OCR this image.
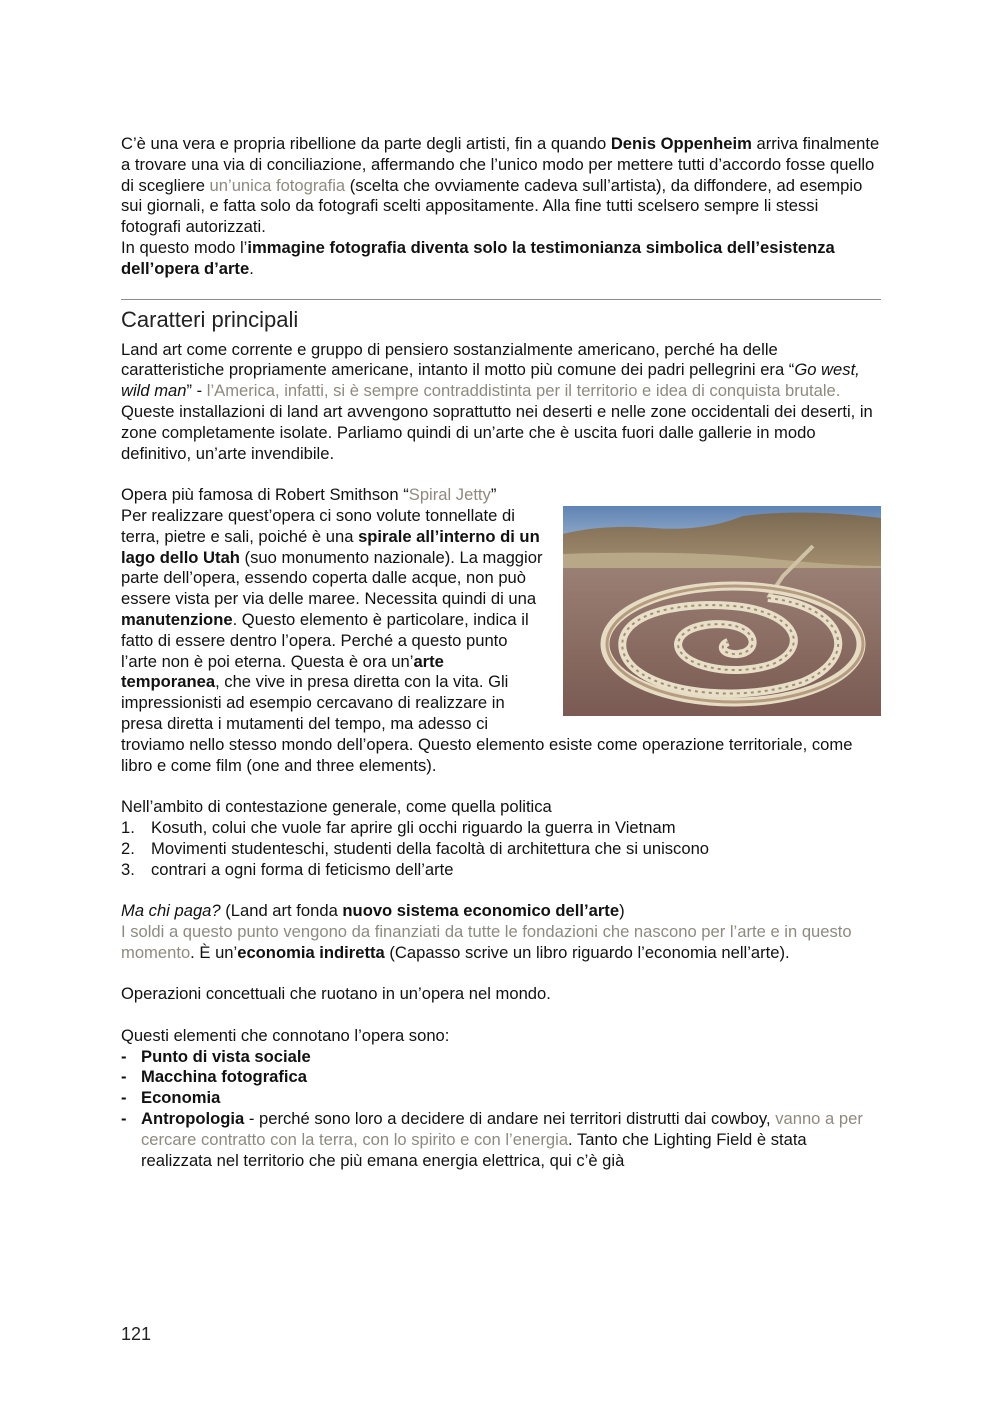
C’è una vera e propria ribellione da parte degli artisti, fin a quando Denis Oppenheim arriva finalmente a trovare una via di conciliazione, affermando che l’unico modo per mettere tutti d’accordo fosse quello di scegliere un’unica fotografia (scelta che ovviamente cadeva sull’artista), da diffondere, ad esempio sui giornali, e fatta solo da fotografi scelti appositamente. Alla fine tutti scelsero sempre li stessi fotografi autorizzati.

In questo modo l’immagine fotografia diventa solo la testimonianza simbolica dell’esistenza dell’opera d’arte.

Caratteri principali

Land art come corrente e gruppo di pensiero sostanzialmente americano, perché ha delle caratteristiche propriamente americane, intanto il motto più comune dei padri pellegrini era “Go west, wild man” - l’America, infatti, si è sempre contraddistinta per il territorio e idea di conquista brutale.

Queste installazioni di land art avvengono soprattutto nei deserti e nelle zone occidentali dei deserti, in zone completamente isolate. Parliamo quindi di un’arte che è uscita fuori dalle gallerie in modo definitivo, un’arte invendibile.

Opera più famosa di Robert Smithson “Spiral Jetty”

Per realizzare quest’opera ci sono volute tonnellate di terra, pietre e sali, poiché è una spirale all’interno di un lago dello Utah (suo monumento nazionale). La maggior parte dell’opera, essendo coperta dalle acque, non può essere vista per via delle maree. Necessita quindi di una manutenzione. Questo elemento è particolare, indica il fatto di essere dentro l’opera. Perché a questo punto l’arte non è poi eterna. Questa è ora un’arte temporanea, che vive in presa diretta con la vita. Gli impressionisti ad esempio cercavano di realizzare in presa diretta i mutamenti del tempo, ma adesso ci troviamo nello stesso mondo dell’opera. Questo elemento esiste come operazione territoriale, come libro e come film (one and three elements).

Nell’ambito di contestazione generale, come quella politica

1. Kosuth, colui che vuole far aprire gli occhi riguardo la guerra in Vietnam
2. Movimenti studenteschi, studenti della facoltà di architettura che si uniscono
3. contrari a ogni forma di feticismo dell’arte

Ma chi paga? (Land art fonda nuovo sistema economico dell’arte)

I soldi a questo punto vengono da finanziati da tutte le fondazioni che nascono per l’arte e in questo momento. È un’economia indiretta (Capasso scrive un libro riguardo l’economia nell’arte).

Operazioni concettuali che ruotano in un’opera nel mondo.

Questi elementi che connotano l’opera sono:

- Punto di vista sociale
- Macchina fotografica
- Economia
- Antropologia - perché sono loro a decidere di andare nei territori distrutti dai cowboy, vanno a per cercare contratto con la terra, con lo spirito e con l’energia. Tanto che Lighting Field è stata realizzata nel territorio che più emana energia elettrica, qui c’è già
121
